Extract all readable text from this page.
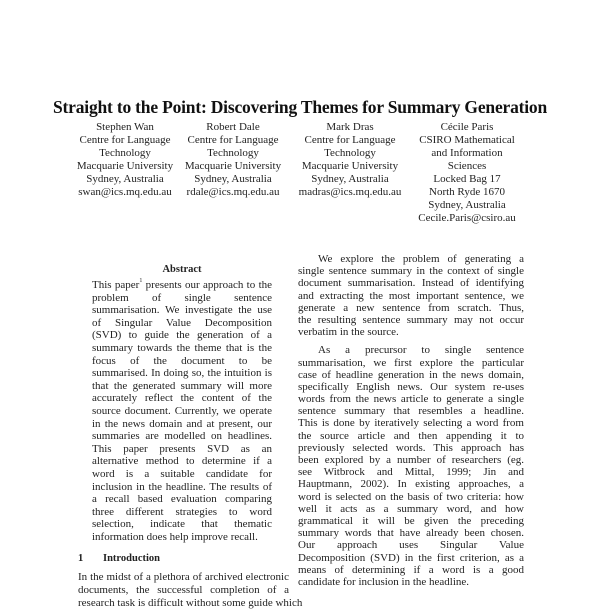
Straight to the Point: Discovering Themes for Summary Generation
Stephen Wan
Centre for Language
Technology
Macquarie University
Sydney, Australia
swan@ics.mq.edu.au
Robert Dale
Centre for Language
Technology
Macquarie University
Sydney, Australia
rdale@ics.mq.edu.au
Mark Dras
Centre for Language
Technology
Macquarie University
Sydney, Australia
madras@ics.mq.edu.au
Cécile Paris
CSIRO Mathematical
and Information
Sciences
Locked Bag 17
North Ryde 1670
Sydney, Australia
Cecile.Paris@csiro.au
Abstract
This paper$^1$ presents our approach to the
problem of single sentence
summarisation. We investigate the use
of Singular Value Decomposition
(SVD) to guide the generation of a
summary towards the theme that is the
focus of the document to be
summarised. In doing so, the intuition is
that the generated summary will more
accurately reflect the content of the
source document. Currently, we operate
in the news domain and at present, our
summaries are modelled on headlines.
This paper presents SVD as an
alternative method to determine if a
word is a suitable candidate for
inclusion in the headline. The results of
a recall based evaluation comparing
three different strategies to word
selection, indicate that thematic
information does help improve recall.
1 Introduction
In the midst of a plethora of archived electronic
documents, the successful completion of a
research task is difficult without some guide which
We explore the problem of generating a
single sentence summary in the context of single
document summarisation. Instead of identifying
and extracting the most important sentence, we
generate a new sentence from scratch. Thus,
the resulting sentence summary may not occur
verbatim in the source.
As a precursor to single sentence
summarisation, we first explore the particular
case of headline generation in the news domain,
specifically English news. Our system re-uses
words from the news article to generate a single
sentence summary that resembles a headline.
This is done by iteratively selecting a word from
the source article and then appending it to
previously selected words. This approach has
been explored by a number of researchers (eg.
see Witbrock and Mittal, 1999; Jin and
Hauptmann, 2002). In existing approaches, a
word is selected on the basis of two criteria: how
well it acts as a summary word, and how
grammatical it will be given the preceding
summary words that have already been chosen.
Our approach uses Singular Value
Decomposition (SVD) in the first criterion, as a
means of determining if a word is a good
candidate for inclusion in the headline.
